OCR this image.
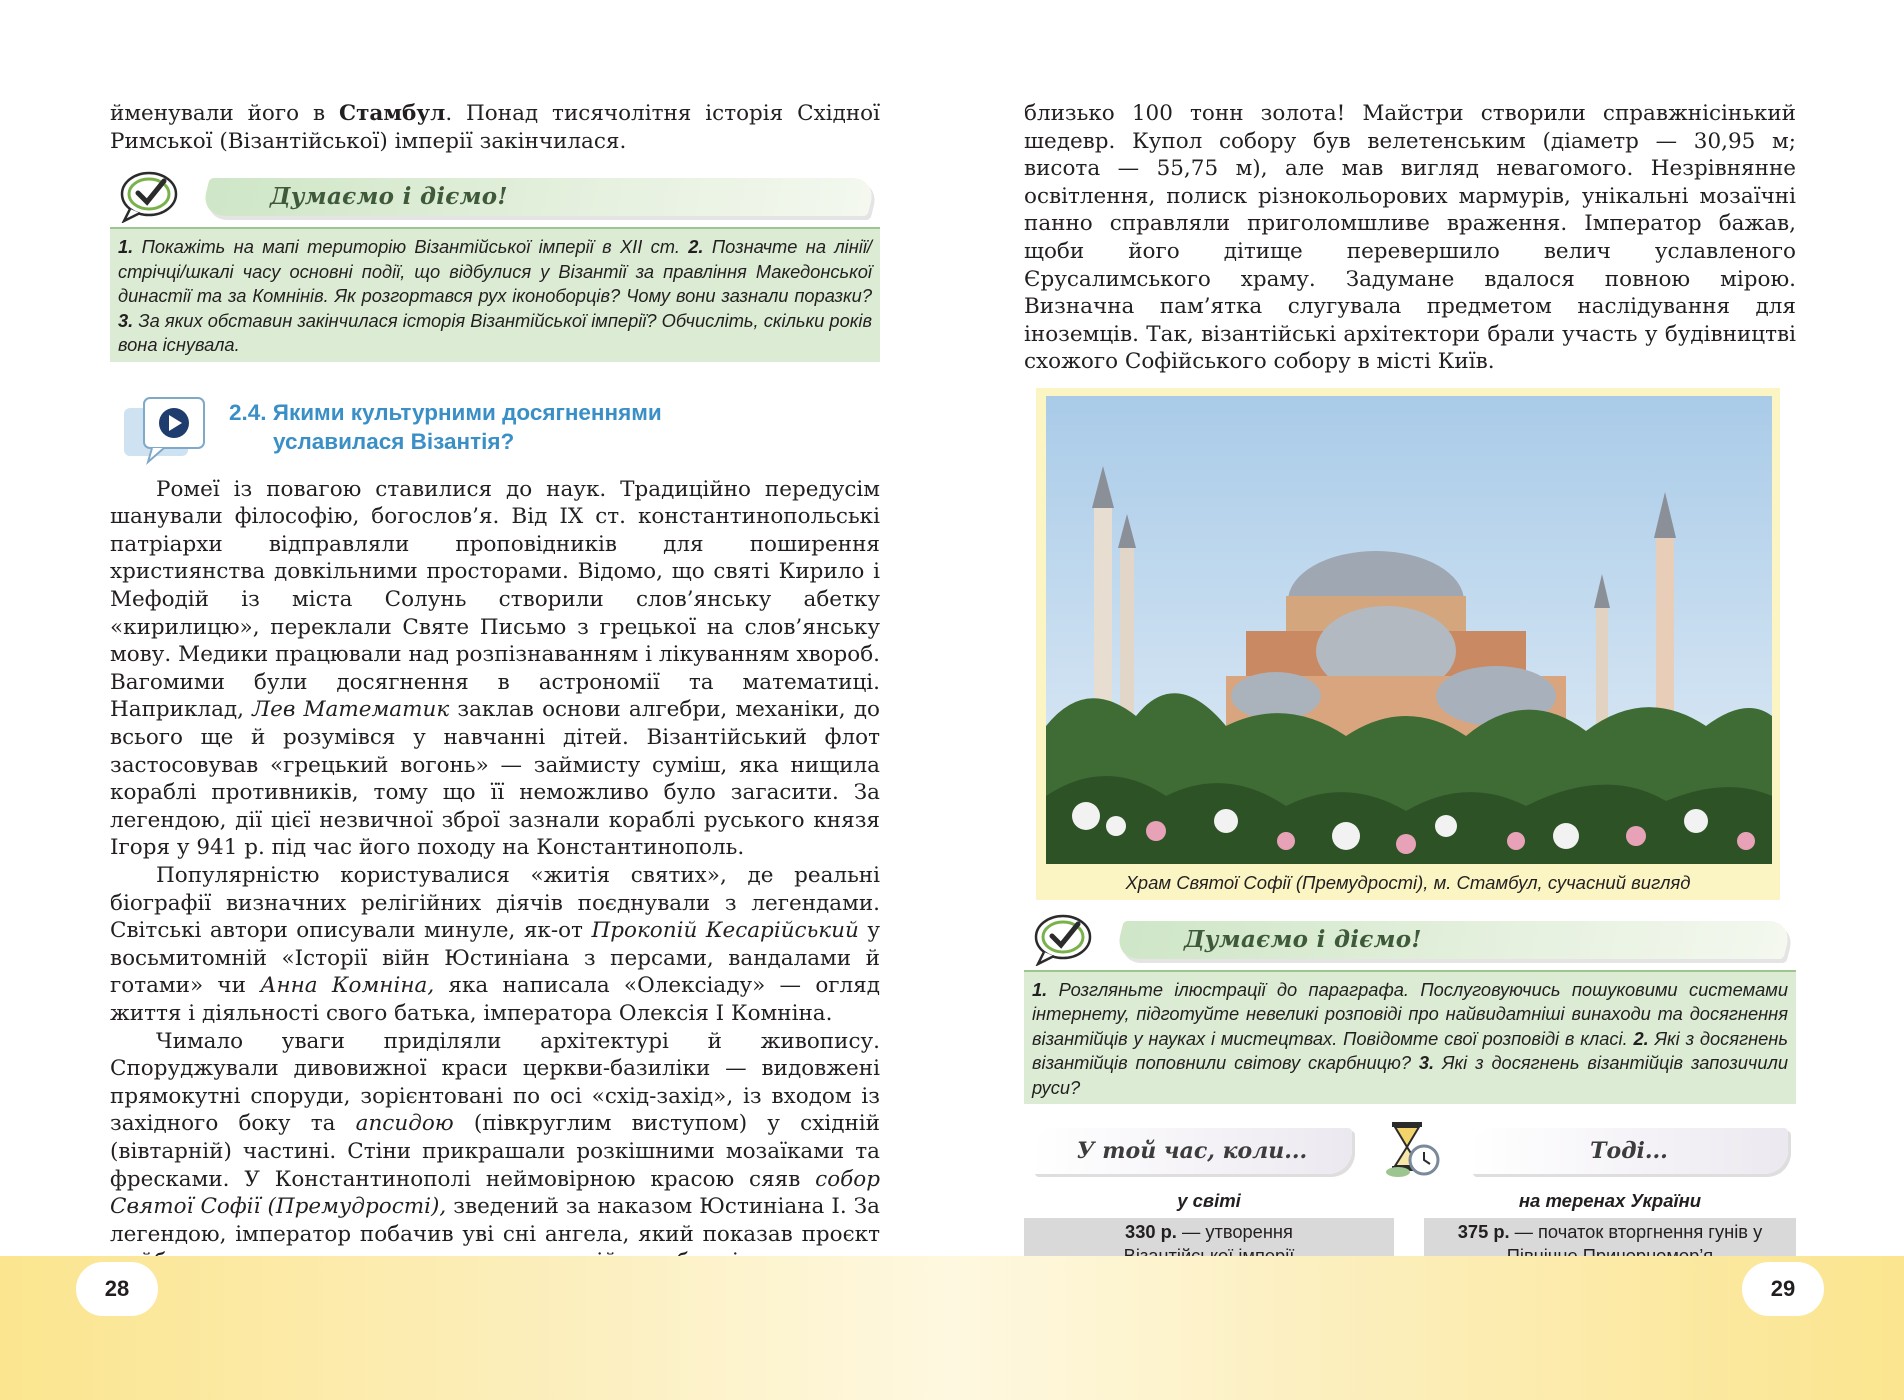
йменували його в Стамбул. Понад тисячолітня історія Східної Римської (Візантійської) імперії закінчилася.

Думаємо і діємо!
1. Покажіть на мапі територію Візантійської імперії в XII ст. 2. Позначте на лінії/стрічці/шкалі часу основні події, що відбулися у Візантії за правління Македонської династії та за Комнінів. Як розгортався рух іконоборців? Чому вони зазнали поразки? 3. За яких обставин закінчилася історія Візантійської імперії? Обчисліть, скільки років вона існувала.
2.4. Якими культурними досягненнями
уславилася Візантія?

Ромеї із повагою ставилися до наук. Традиційно передусім шанували філософію, богослов’я. Від IX ст. константинопольські патріархи відправляли проповідників для поширення християнства довкільними просторами. Відомо, що святі Кирило і Мефодій із міста Солунь створили слов’янську абетку «кирилицю», переклали Святе Письмо з грецької на слов’янську мову. Медики працювали над розпізнаванням і лікуванням хвороб. Вагомими були досягнення в астрономії та математиці. Наприклад, Лев Математик заклав основи алгебри, механіки, до всього ще й розумівся у навчанні дітей. Візантійський флот застосовував «грецький вогонь» — займисту суміш, яка нищила кораблі противників, тому що її неможливо було загасити. За легендою, дії цієї незвичної зброї зазнали кораблі руського князя Ігоря у 941 р. під час його походу на Константинополь.

Популярністю користувалися «житія святих», де реальні біографії визначних релігійних діячів поєднували з легендами. Світські автори описували минуле, як-от Прокопій Кесарійський у восьмитомній «Історії війн Юстиніана з персами, вандалами й готами» чи Анна Комніна, яка написала «Олексіаду» — огляд життя і діяльності свого батька, імператора Олексія I Комніна.

Чимало уваги приділяли архітектурі й живопису. Споруджували дивовижної краси церкви-базиліки — видовжені прямокутні споруди, зорієнтовані по осі «схід-захід», із входом із західного боку та апсидою (півкруглим виступом) у східній (вівтарній) частині. Стіни прикрашали розкішними мозаїками та фресками. У Константинополі неймовірною красою сяяв собор Святої Софії (Премудрості), зведений за наказом Юстиніана I. За легендою, імператор побачив уві сні ангела, який показав проєкт

близько 100 тонн золота! Майстри створили справжнісінький шедевр. Купол собору був велетенським (діаметр — 30,95 м; висота — 55,75 м), але мав вигляд невагомого. Незрівнянне освітлення, полиск різнокольорових мармурів, унікальні мозаїчні панно справляли приголомшливе враження. Імператор бажав, щоби його дітище перевершило велич уславленого Єрусалимського храму. Задумане вдалося повною мірою. Визначна пам’ятка слугувала предметом наслідування для іноземців. Так, візантійські архітектори брали участь у будівництві схожого Софійського собору в місті Київ.

Храм Святої Софії (Премудрості), м. Стамбул, сучасний вигляд
Думаємо і діємо!
1. Розгляньте ілюстрації до параграфа. Послуговуючись пошуковими системами інтернету, підготуйте невеликі розповіді про найвидатніші винаходи та досягнення візантійців у науках і мистецтвах. Повідомте свої розповіді в класі. 2. Які з досягнень візантійців поповнили світову скарбницю? 3. Які з досягнень візантійців запозичили руси?
У той час, коли...	Тоді...
у світі	на теренах України
330 р. — утворення	375 р. — початок вторгнення гунів у

28	29
